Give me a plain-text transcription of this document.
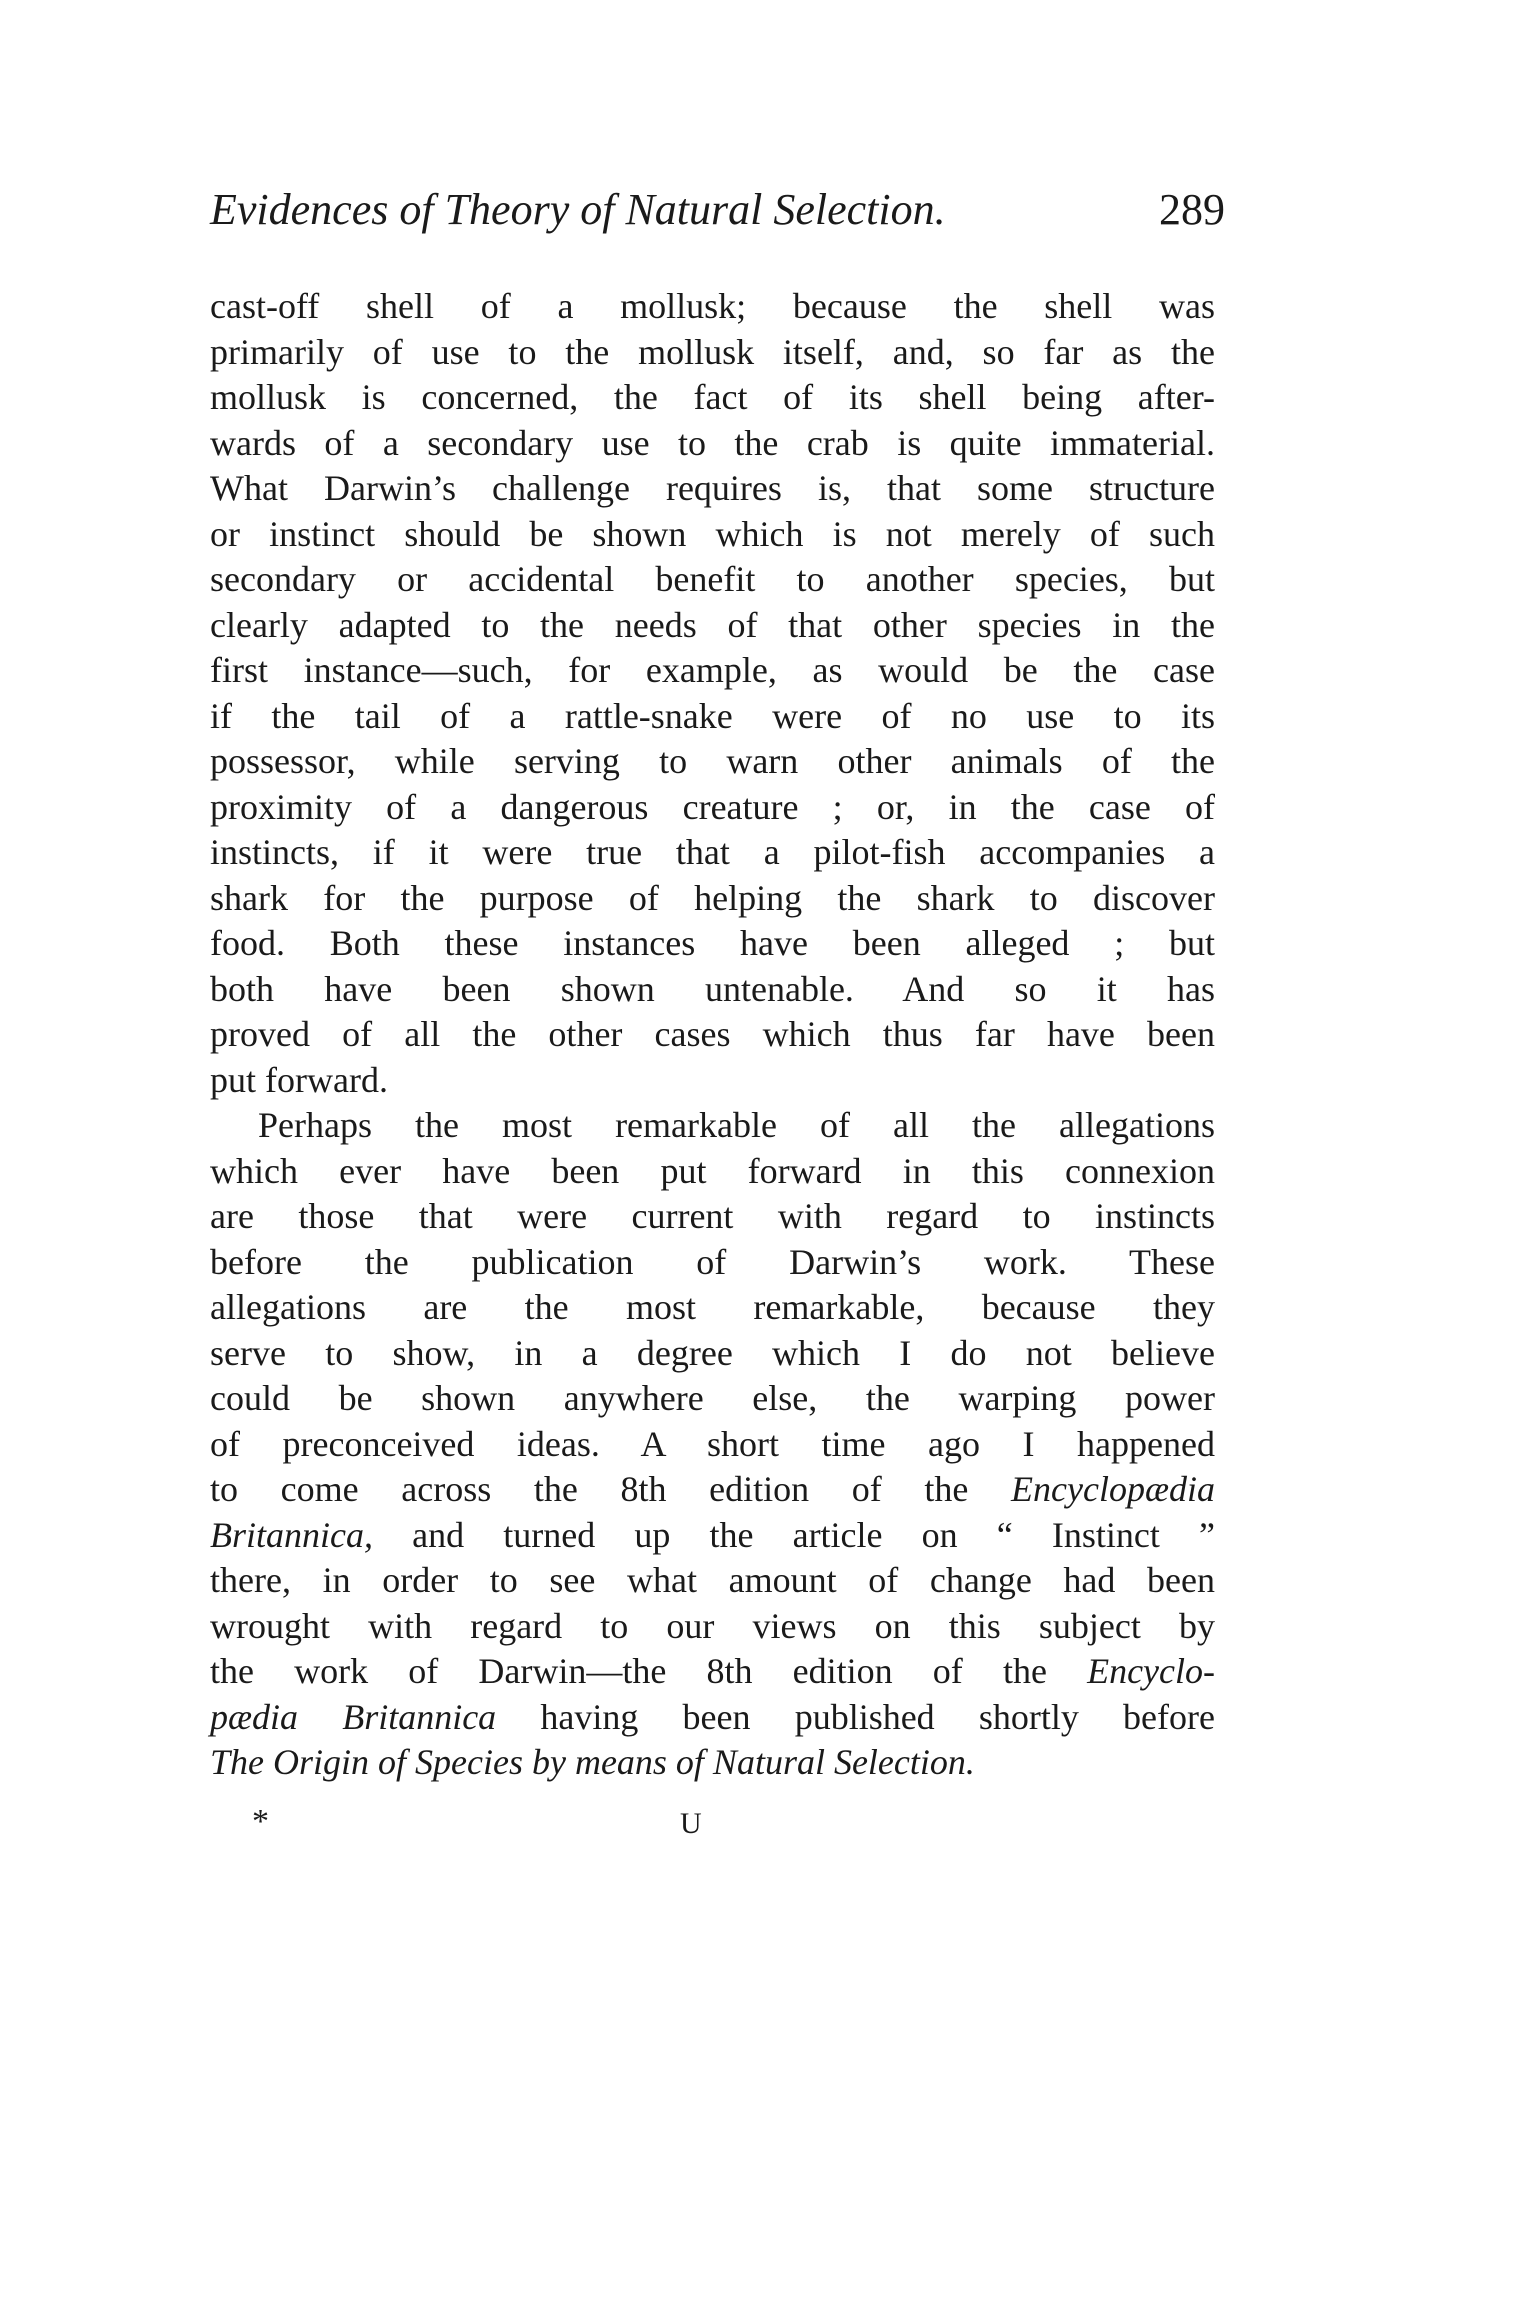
Evidences of Theory of Natural Selection.	289
cast-off shell of a mollusk; because the shell was
primarily of use to the mollusk itself, and, so far as the
mollusk is concerned, the fact of its shell being after-
wards of a secondary use to the crab is quite immaterial.
What Darwin’s challenge requires is, that some structure
or instinct should be shown which is not merely of such
secondary or accidental benefit to another species, but
clearly adapted to the needs of that other species in the
first instance—such, for example, as would be the case
if the tail of a rattle-snake were of no use to its
possessor, while serving to warn other animals of the
proximity of a dangerous creature ; or, in the case of
instincts, if it were true that a pilot-fish accompanies a
shark for the purpose of helping the shark to discover
food. Both these instances have been alleged ; but
both have been shown untenable. And so it has
proved of all the other cases which thus far have been
put forward.
Perhaps the most remarkable of all the allegations
which ever have been put forward in this connexion
are those that were current with regard to instincts
before the publication of Darwin’s work. These
allegations are the most remarkable, because they
serve to show, in a degree which I do not believe
could be shown anywhere else, the warping power
of preconceived ideas. A short time ago I happened
to come across the 8th edition of the Encyclopædia
Britannica, and turned up the article on “ Instinct ”
there, in order to see what amount of change had been
wrought with regard to our views on this subject by
the work of Darwin—the 8th edition of the Encyclo-
pædia Britannica having been published shortly before
The Origin of Species by means of Natural Selection.
*	U
